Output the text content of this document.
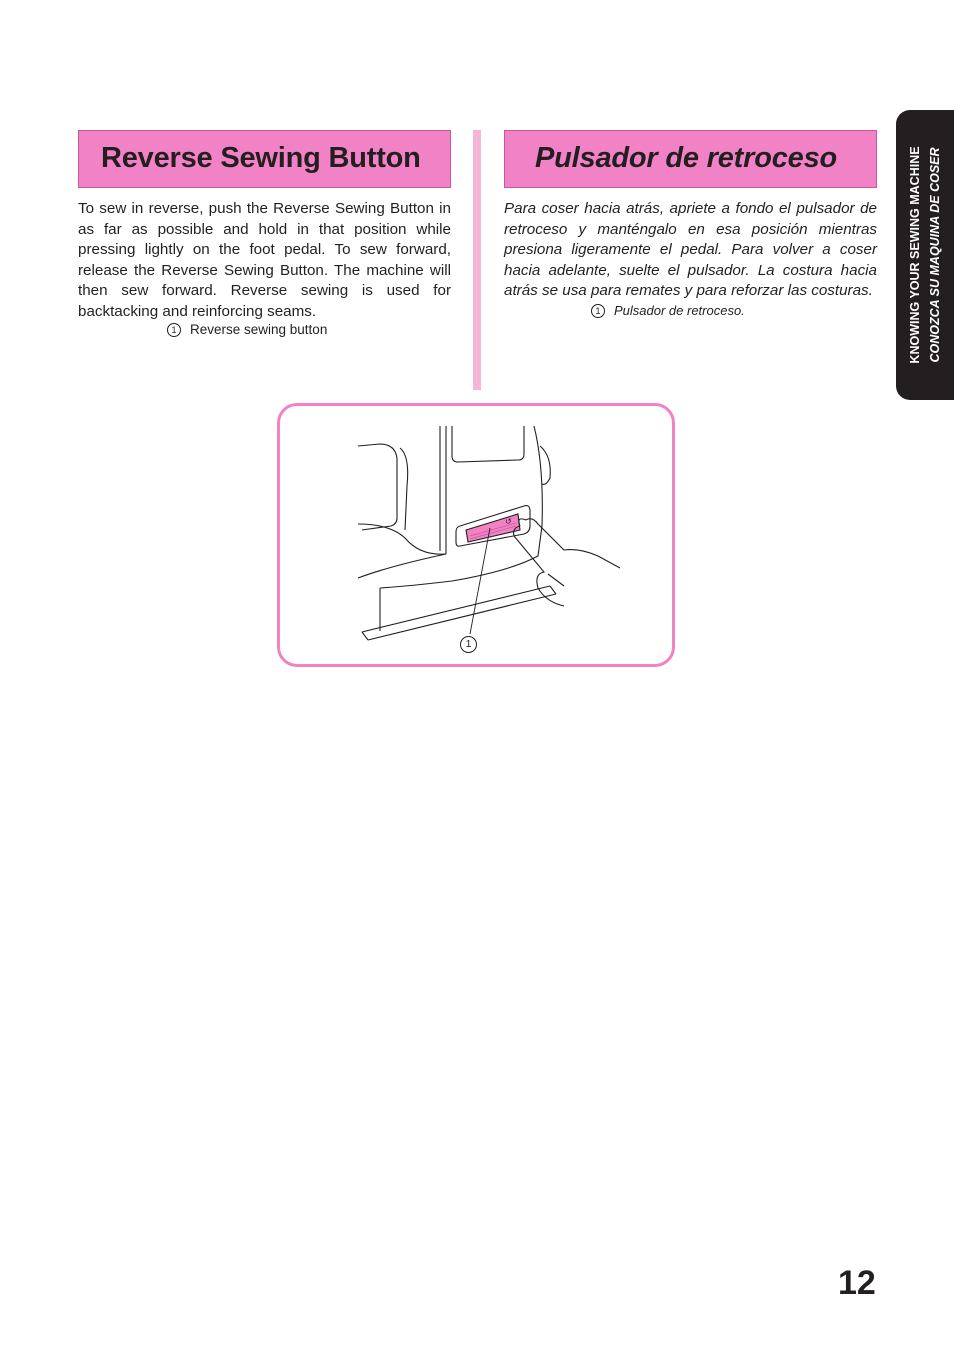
Reverse Sewing Button	Pulsador de retroceso

To sew in reverse, push the Reverse Sewing Button in as far as possible and hold in that position while pressing lightly on the foot pedal. To sew forward, release the Reverse Sewing Button. The machine will then sew forward. Reverse sewing is used for backtacking and reinforcing seams.

1	Reverse sewing button

Para coser hacia atrás, apriete a fondo el pulsador de retroceso y manténgalo en esa posición mientras presiona ligeramente el pedal. Para volver a coser hacia adelante, suelte el pulsador. La costura hacia atrás se usa para remates y para reforzar las costuras.

1	Pulsador de retroceso.	KNOWING YOUR SEWING MACHINE CONOZCA SU MAQUINA DE COSER
↺
1
12
